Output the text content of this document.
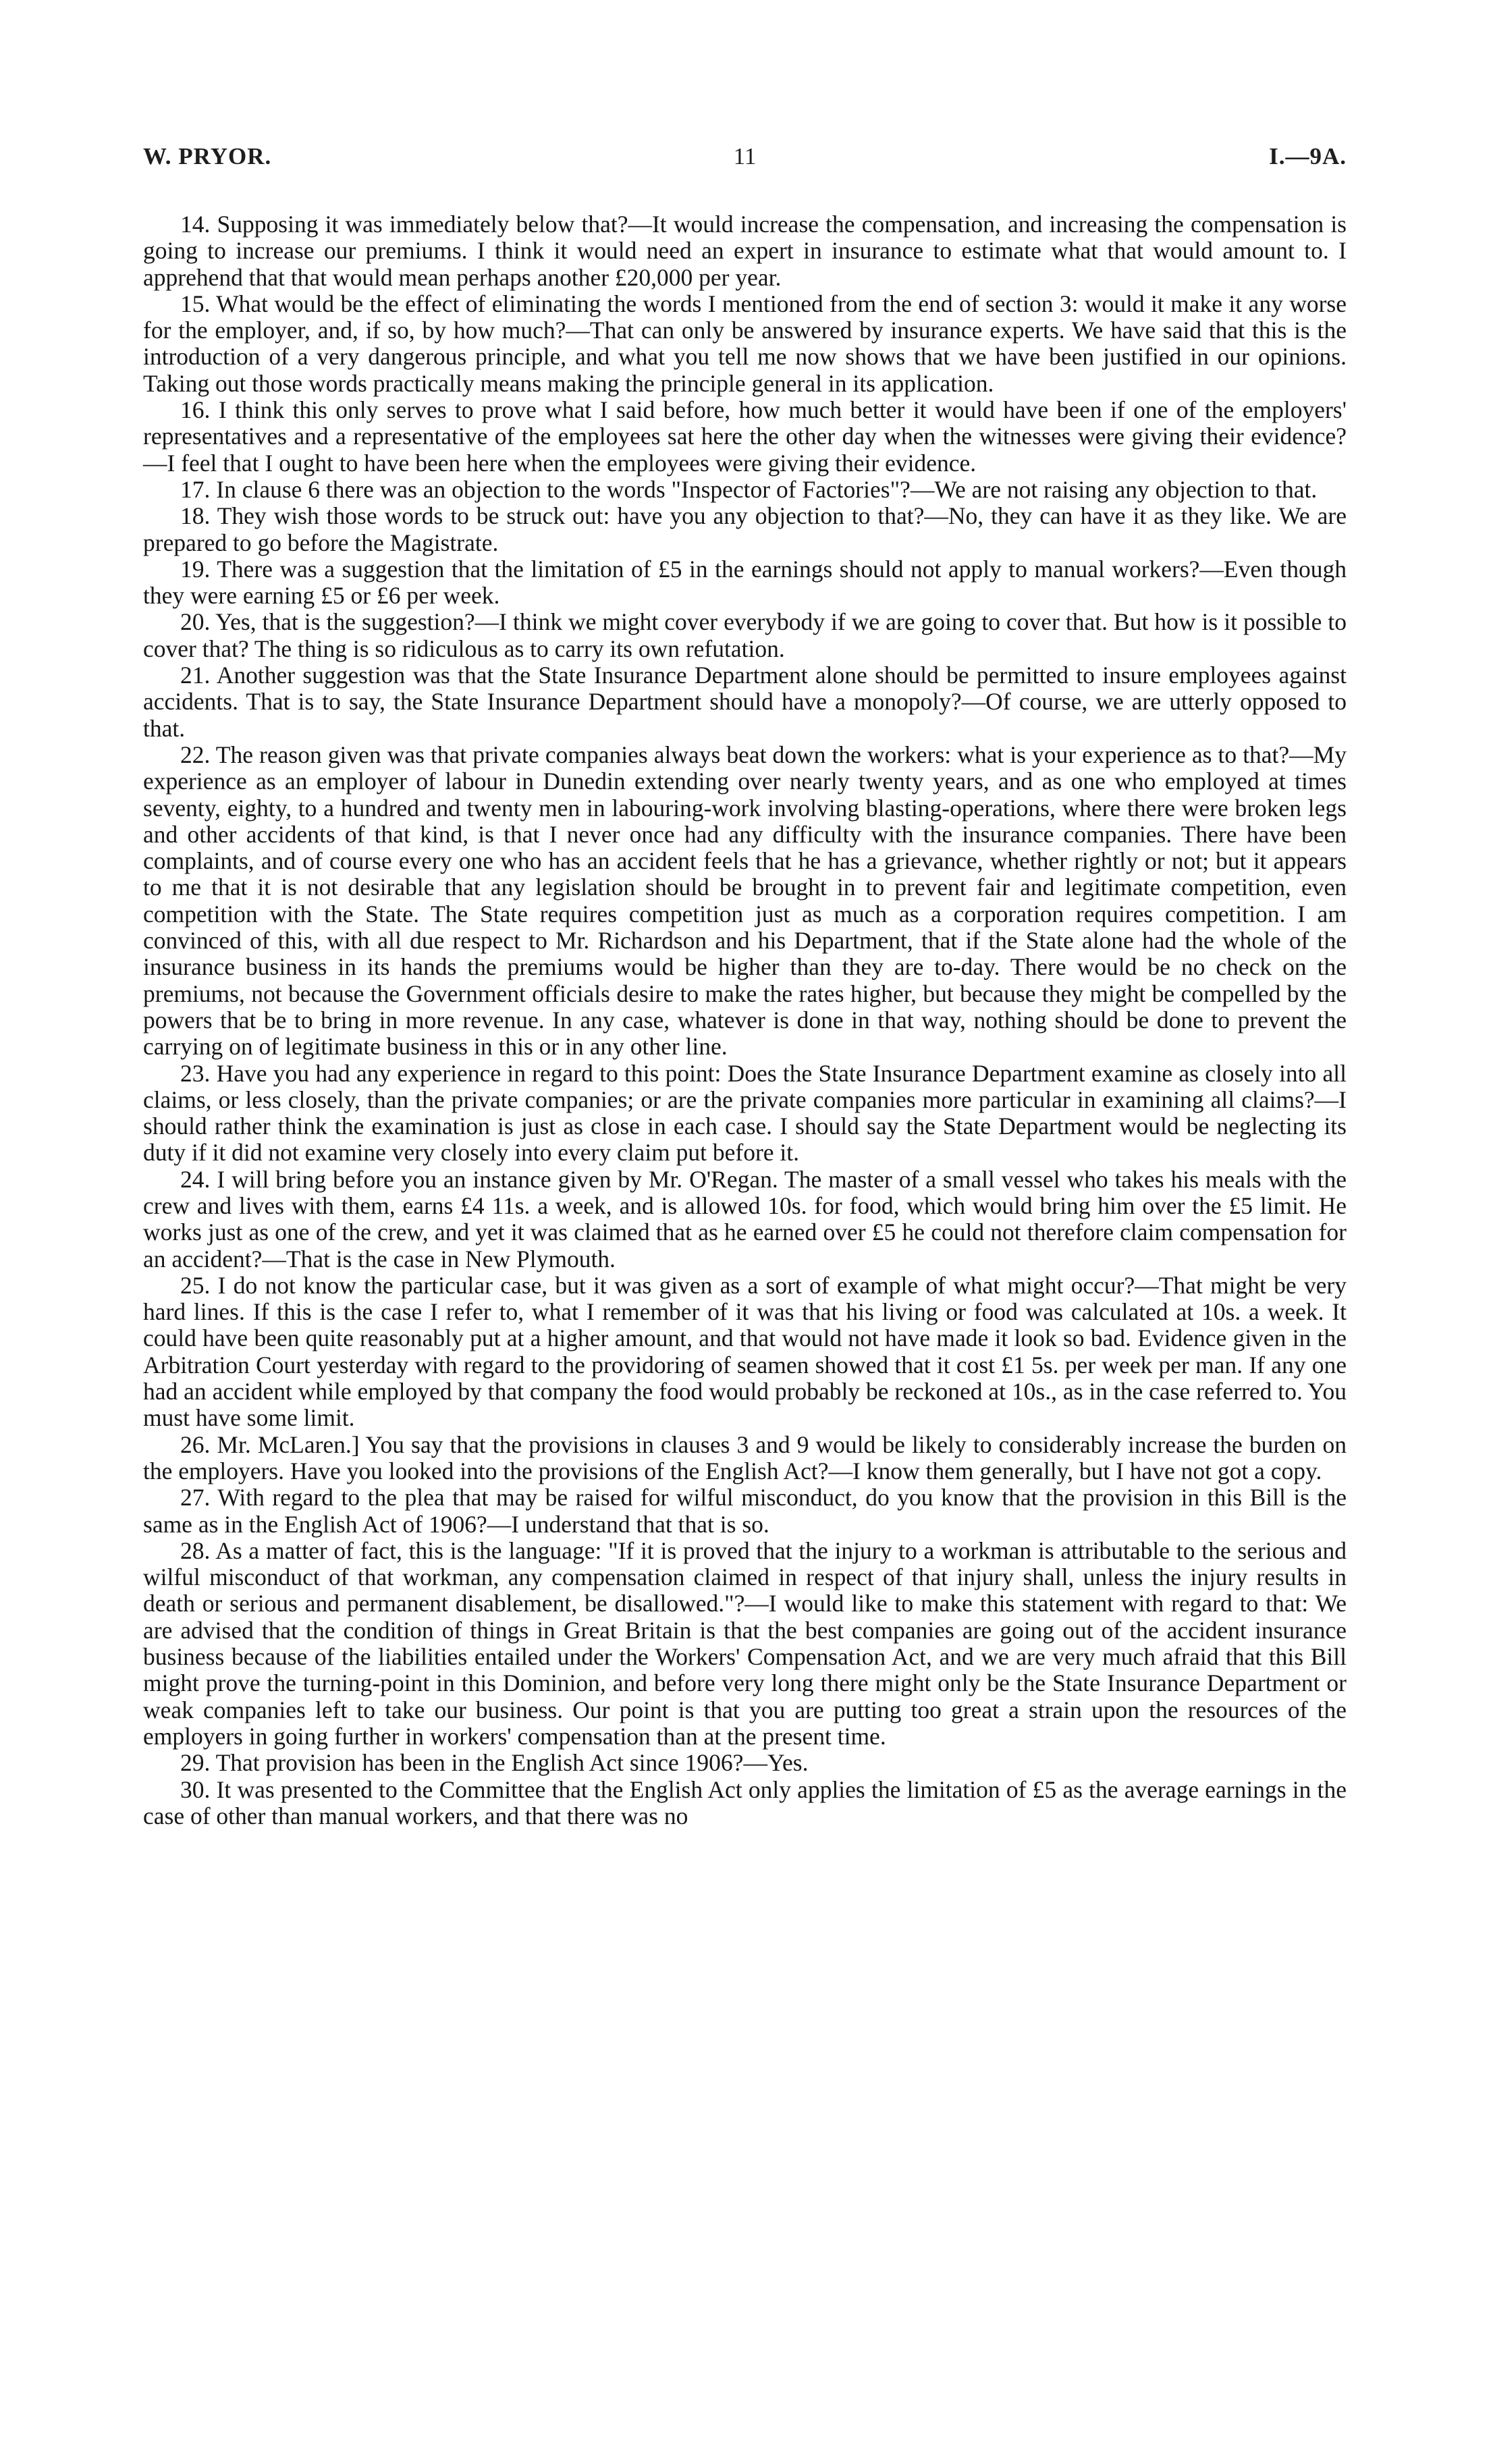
W. PRYOR.	11	I.—9A.

14. Supposing it was immediately below that?—It would increase the compensation, and increasing the compensation is going to increase our premiums. I think it would need an expert in insurance to estimate what that would amount to. I apprehend that that would mean perhaps another £20,000 per year.

15. What would be the effect of eliminating the words I mentioned from the end of section 3: would it make it any worse for the employer, and, if so, by how much?—That can only be answered by insurance experts. We have said that this is the introduction of a very dangerous principle, and what you tell me now shows that we have been justified in our opinions. Taking out those words practically means making the principle general in its application.

16. I think this only serves to prove what I said before, how much better it would have been if one of the employers' representatives and a representative of the employees sat here the other day when the witnesses were giving their evidence?—I feel that I ought to have been here when the employees were giving their evidence.

17. In clause 6 there was an objection to the words "Inspector of Factories"?—We are not raising any objection to that.

18. They wish those words to be struck out: have you any objection to that?—No, they can have it as they like. We are prepared to go before the Magistrate.

19. There was a suggestion that the limitation of £5 in the earnings should not apply to manual workers?—Even though they were earning £5 or £6 per week.

20. Yes, that is the suggestion?—I think we might cover everybody if we are going to cover that. But how is it possible to cover that? The thing is so ridiculous as to carry its own refutation.

21. Another suggestion was that the State Insurance Department alone should be permitted to insure employees against accidents. That is to say, the State Insurance Department should have a monopoly?—Of course, we are utterly opposed to that.

22. The reason given was that private companies always beat down the workers: what is your experience as to that?—My experience as an employer of labour in Dunedin extending over nearly twenty years, and as one who employed at times seventy, eighty, to a hundred and twenty men in labouring-work involving blasting-operations, where there were broken legs and other accidents of that kind, is that I never once had any difficulty with the insurance companies. There have been complaints, and of course every one who has an accident feels that he has a grievance, whether rightly or not; but it appears to me that it is not desirable that any legislation should be brought in to prevent fair and legitimate competition, even competition with the State. The State requires competition just as much as a corporation requires competition. I am convinced of this, with all due respect to Mr. Richardson and his Department, that if the State alone had the whole of the insurance business in its hands the premiums would be higher than they are to-day. There would be no check on the premiums, not because the Government officials desire to make the rates higher, but because they might be compelled by the powers that be to bring in more revenue. In any case, whatever is done in that way, nothing should be done to prevent the carrying on of legitimate business in this or in any other line.

23. Have you had any experience in regard to this point: Does the State Insurance Department examine as closely into all claims, or less closely, than the private companies; or are the private companies more particular in examining all claims?—I should rather think the examination is just as close in each case. I should say the State Department would be neglecting its duty if it did not examine very closely into every claim put before it.

24. I will bring before you an instance given by Mr. O'Regan. The master of a small vessel who takes his meals with the crew and lives with them, earns £4 11s. a week, and is allowed 10s. for food, which would bring him over the £5 limit. He works just as one of the crew, and yet it was claimed that as he earned over £5 he could not therefore claim compensation for an accident?—That is the case in New Plymouth.

25. I do not know the particular case, but it was given as a sort of example of what might occur?—That might be very hard lines. If this is the case I refer to, what I remember of it was that his living or food was calculated at 10s. a week. It could have been quite reasonably put at a higher amount, and that would not have made it look so bad. Evidence given in the Arbitration Court yesterday with regard to the providoring of seamen showed that it cost £1 5s. per week per man. If any one had an accident while employed by that company the food would probably be reckoned at 10s., as in the case referred to. You must have some limit.

26. Mr. McLaren.] You say that the provisions in clauses 3 and 9 would be likely to considerably increase the burden on the employers. Have you looked into the provisions of the English Act?—I know them generally, but I have not got a copy.

27. With regard to the plea that may be raised for wilful misconduct, do you know that the provision in this Bill is the same as in the English Act of 1906?—I understand that that is so.

28. As a matter of fact, this is the language: "If it is proved that the injury to a workman is attributable to the serious and wilful misconduct of that workman, any compensation claimed in respect of that injury shall, unless the injury results in death or serious and permanent disablement, be disallowed."?—I would like to make this statement with regard to that: We are advised that the condition of things in Great Britain is that the best companies are going out of the accident insurance business because of the liabilities entailed under the Workers' Compensation Act, and we are very much afraid that this Bill might prove the turning-point in this Dominion, and before very long there might only be the State Insurance Department or weak companies left to take our business. Our point is that you are putting too great a strain upon the resources of the employers in going further in workers' compensation than at the present time.

29. That provision has been in the English Act since 1906?—Yes.

30. It was presented to the Committee that the English Act only applies the limitation of £5 as the average earnings in the case of other than manual workers, and that there was no
